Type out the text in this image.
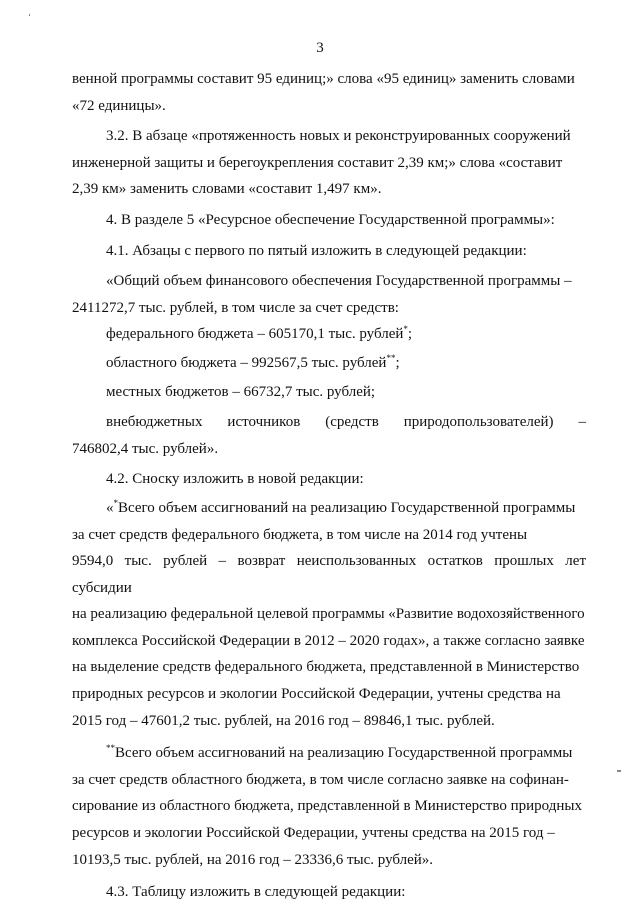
‘
3

венной программы составит 95 единиц;» слова «95 единиц» заменить словами

«72 единицы».

3.2. В абзаце «протяженность новых и реконструированных сооружений

инженерной защиты и берегоукрепления составит 2,39 км;» слова «составит

2,39 км» заменить словами «составит 1,497 км».

4. В разделе 5 «Ресурсное обеспечение Государственной программы»:

4.1. Абзацы с первого по пятый изложить в следующей редакции:

«Общий объем финансового обеспечения Государственной программы –

2411272,7 тыс. рублей, в том числе за счет средств:

федерального бюджета – 605170,1 тыс. рублей*;

областного бюджета – 992567,5 тыс. рублей**;

местных бюджетов – 66732,7 тыс. рублей;

внебюджетных источников (средств природопользователей) –

746802,4 тыс. рублей».

4.2. Сноску изложить в новой редакции:

«*Всего объем ассигнований на реализацию Государственной программы

за счет средств федерального бюджета, в том числе на 2014 год учтены

9594,0 тыс. рублей – возврат неиспользованных остатков прошлых лет субсидии

на реализацию федеральной целевой программы «Развитие водохозяйственного

комплекса Российской Федерации в 2012 – 2020 годах», а также согласно заявке

на выделение средств федерального бюджета, представленной в Министерство

природных ресурсов и экологии Российской Федерации, учтены средства на

2015 год – 47601,2 тыс. рублей, на 2016 год – 89846,1 тыс. рублей.

**Всего объем ассигнований на реализацию Государственной программы

за счет средств областного бюджета, в том числе согласно заявке на софинан-

сирование из областного бюджета, представленной в Министерство природных

ресурсов и экологии Российской Федерации, учтены средства на 2015 год –

10193,5 тыс. рублей, на 2016 год – 23336,6 тыс. рублей».

4.3. Таблицу изложить в следующей редакции:
